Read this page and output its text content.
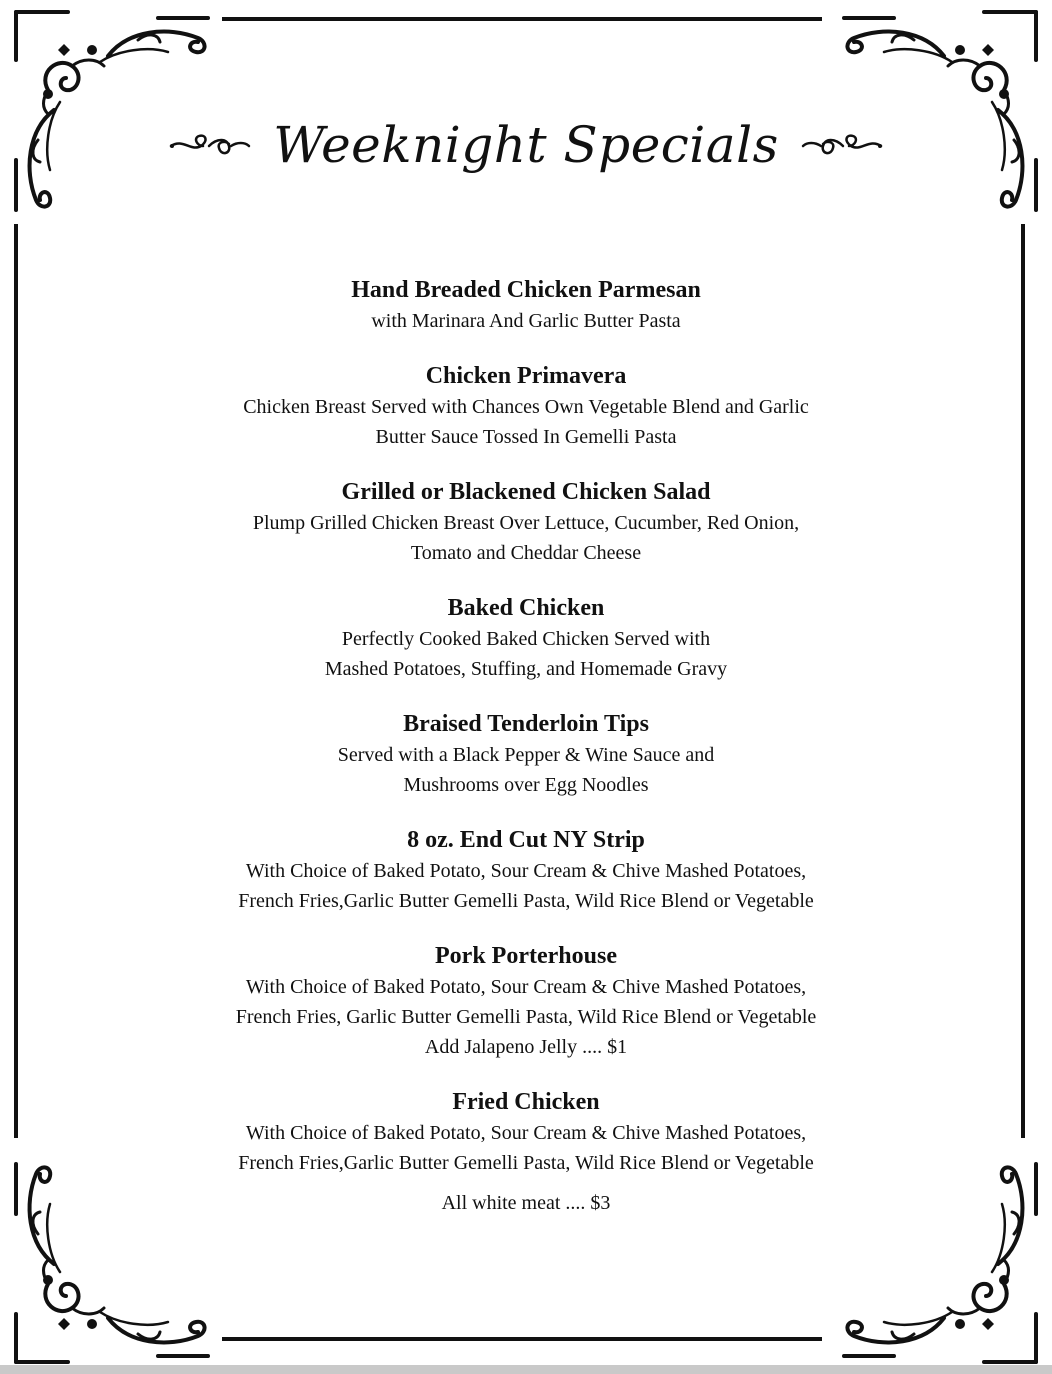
Weeknight Specials

Hand Breaded Chicken Parmesan

with Marinara And Garlic Butter Pasta

Chicken Primavera

Chicken Breast Served with Chances Own Vegetable Blend and Garlic

Butter Sauce Tossed In Gemelli Pasta

Grilled or Blackened Chicken Salad

Plump Grilled Chicken Breast Over Lettuce, Cucumber, Red Onion,

Tomato and Cheddar Cheese

Baked Chicken

Perfectly Cooked Baked Chicken Served with

Mashed Potatoes, Stuffing, and Homemade Gravy

Braised Tenderloin Tips

Served with a Black Pepper & Wine Sauce and

Mushrooms over Egg Noodles

8 oz. End Cut NY Strip

With Choice of Baked Potato, Sour Cream & Chive Mashed Potatoes,

French Fries,Garlic Butter Gemelli Pasta, Wild Rice Blend or Vegetable

Pork Porterhouse

With Choice of Baked Potato, Sour Cream & Chive Mashed Potatoes,

French Fries, Garlic Butter Gemelli Pasta, Wild Rice Blend or Vegetable

Add Jalapeno Jelly .... $1

Fried Chicken

With Choice of Baked Potato, Sour Cream & Chive Mashed Potatoes,

French Fries,Garlic Butter Gemelli Pasta, Wild Rice Blend or Vegetable

All white meat .... $3
